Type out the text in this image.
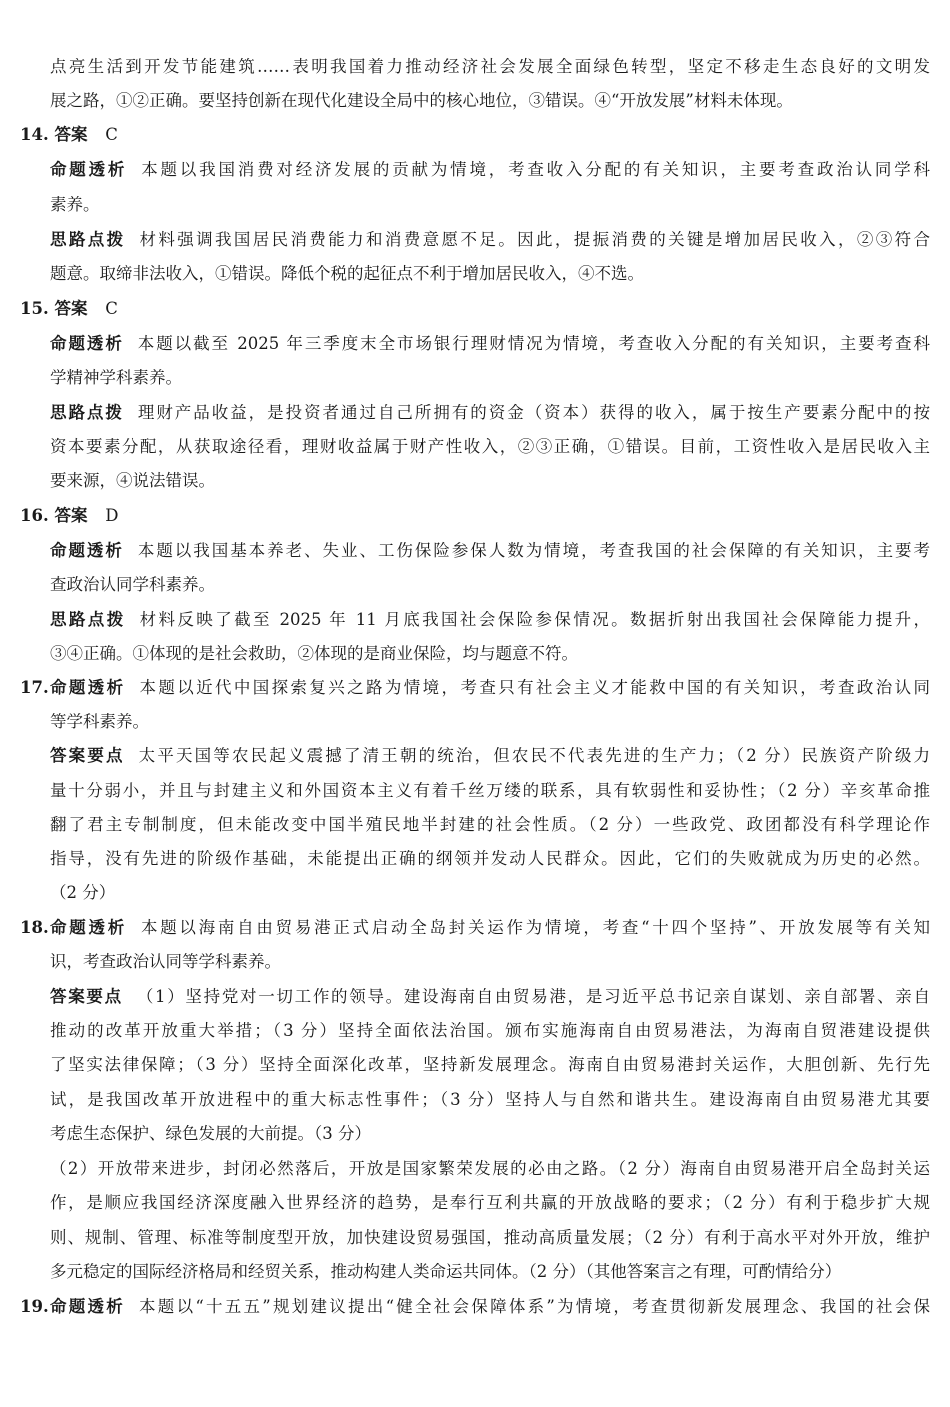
点亮生活到开发节能建筑……表明我国着力推动经济社会发展全面绿色转型，坚定不移走生态良好的文明发
展之路，①②正确。要坚持创新在现代化建设全局中的核心地位，③错误。④“开放发展”材料未体现。
14. 答案 C
命题透析 本题以我国消费对经济发展的贡献为情境，考查收入分配的有关知识，主要考查政治认同学科
素养。
思路点拨 材料强调我国居民消费能力和消费意愿不足。因此，提振消费的关键是增加居民收入，②③符合
题意。取缔非法收入，①错误。降低个税的起征点不利于增加居民收入，④不选。
15. 答案 C
命题透析 本题以截至 2025 年三季度末全市场银行理财情况为情境，考查收入分配的有关知识，主要考查科
学精神学科素养。
思路点拨 理财产品收益，是投资者通过自己所拥有的资金（资本）获得的收入，属于按生产要素分配中的按
资本要素分配，从获取途径看，理财收益属于财产性收入，②③正确，①错误。目前，工资性收入是居民收入主
要来源，④说法错误。
16. 答案 D
命题透析 本题以我国基本养老、失业、工伤保险参保人数为情境，考查我国的社会保障的有关知识，主要考
查政治认同学科素养。
思路点拨 材料反映了截至 2025 年 11 月底我国社会保险参保情况。数据折射出我国社会保障能力提升，
③④正确。①体现的是社会救助，②体现的是商业保险，均与题意不符。
17. 命题透析 本题以近代中国探索复兴之路为情境，考查只有社会主义才能救中国的有关知识，考查政治认同
等学科素养。
答案要点 太平天国等农民起义震撼了清王朝的统治，但农民不代表先进的生产力；（2 分）民族资产阶级力
量十分弱小，并且与封建主义和外国资本主义有着千丝万缕的联系，具有软弱性和妥协性；（2 分）辛亥革命推
翻了君主专制制度，但未能改变中国半殖民地半封建的社会性质。（2 分）一些政党、政团都没有科学理论作
指导，没有先进的阶级作基础，未能提出正确的纲领并发动人民群众。因此，它们的失败就成为历史的必然。
（2 分）
18. 命题透析 本题以海南自由贸易港正式启动全岛封关运作为情境，考查“十四个坚持”、开放发展等有关知
识，考查政治认同等学科素养。
答案要点 （1）坚持党对一切工作的领导。建设海南自由贸易港，是习近平总书记亲自谋划、亲自部署、亲自
推动的改革开放重大举措；（3 分）坚持全面依法治国。颁布实施海南自由贸易港法，为海南自贸港建设提供
了坚实法律保障；（3 分）坚持全面深化改革，坚持新发展理念。海南自由贸易港封关运作，大胆创新、先行先
试，是我国改革开放进程中的重大标志性事件；（3 分）坚持人与自然和谐共生。建设海南自由贸易港尤其要
考虑生态保护、绿色发展的大前提。（3 分）
（2）开放带来进步，封闭必然落后，开放是国家繁荣发展的必由之路。（2 分）海南自由贸易港开启全岛封关运
作，是顺应我国经济深度融入世界经济的趋势，是奉行互利共赢的开放战略的要求；（2 分）有利于稳步扩大规
则、规制、管理、标准等制度型开放，加快建设贸易强国，推动高质量发展；（2 分）有利于高水平对外开放，维护
多元稳定的国际经济格局和经贸关系，推动构建人类命运共同体。（2 分）（其他答案言之有理，可酌情给分）
19. 命题透析 本题以“十五五”规划建议提出“健全社会保障体系”为情境，考查贯彻新发展理念、我国的社会保
